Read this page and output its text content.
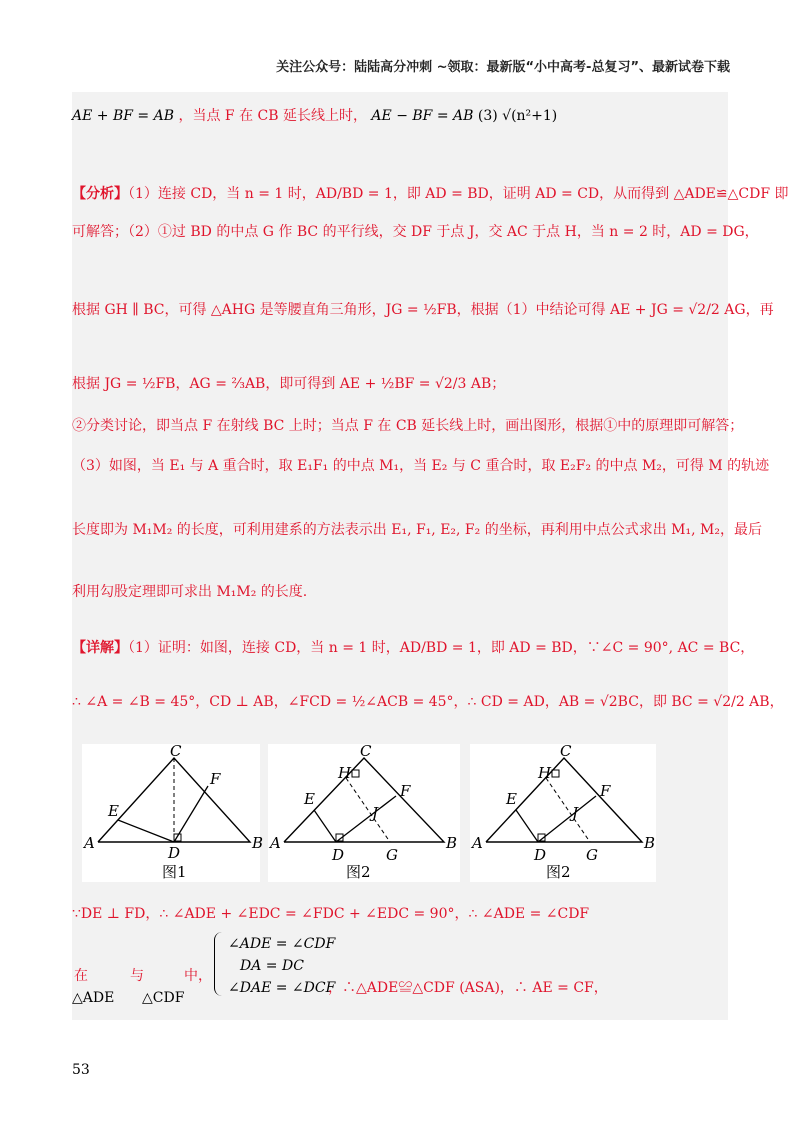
关注公众号：陆陆高分冲刺 ~领取：最新版“小中高考-总复习”、最新试卷下载
AE + BF = AB ，当点 F 在 CB 延长线上时， AE − BF = AB (3) √(n²+1)
【分析】（1）连接 CD，当 n = 1 时，AD/BD = 1，即 AD = BD，证明 AD = CD，从而得到 △ADE≌△CDF 即
可解答；（2）①过 BD 的中点 G 作 BC 的平行线，交 DF 于点 J，交 AC 于点 H，当 n = 2 时，AD = DG，
根据 GH ∥ BC，可得 △AHG 是等腰直角三角形，JG = ½FB，根据（1）中结论可得 AE + JG = √2/2 AG，再
根据 JG = ½FB，AG = ⅔AB，即可得到 AE + ½BF = √2/3 AB；
②分类讨论，即当点 F 在射线 BC 上时；当点 F 在 CB 延长线上时，画出图形，根据①中的原理即可解答；
（3）如图，当 E₁ 与 A 重合时，取 E₁F₁ 的中点 M₁，当 E₂ 与 C 重合时，取 E₂F₂ 的中点 M₂，可得 M 的轨迹
长度即为 M₁M₂ 的长度，可利用建系的方法表示出 E₁, F₁, E₂, F₂ 的坐标，再利用中点公式求出 M₁, M₂，最后
利用勾股定理即可求出 M₁M₂ 的长度.
【详解】（1）证明：如图，连接 CD，当 n = 1 时，AD/BD = 1，即 AD = BD，∵∠C = 90°, AC = BC，
∴ ∠A = ∠B = 45°，CD ⊥ AB，∠FCD = ½∠ACB = 45°，∴ CD = AD，AB = √2BC，即 BC = √2/2 AB，
C
F
E
A
D
B
图1
C
H
F
E
J
A
D	G
B
图2
C
H
F
E
J
A
D	G
B
图2
∵DE ⊥ FD，∴ ∠ADE + ∠EDC = ∠FDC + ∠EDC = 90°，∴ ∠ADE = ∠CDF
在
△ADE
与
△CDF
中，
∠ADE = ∠CDF
DA = DC
∠DAE = ∠DCF
，∴△ADE≌△CDF (ASA)，∴ AE = CF，
53
